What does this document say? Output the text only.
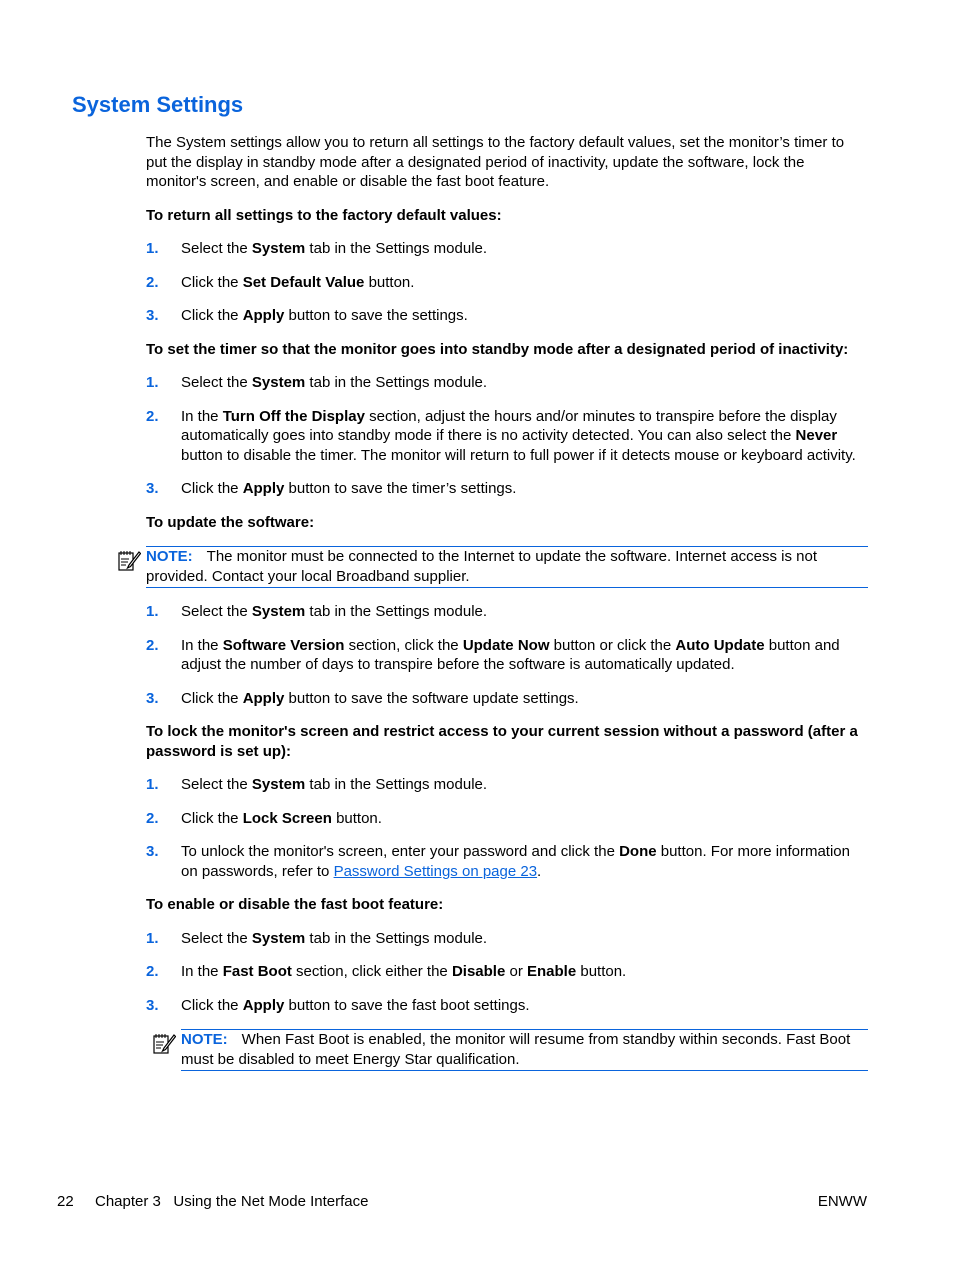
System Settings

The System settings allow you to return all settings to the factory default values, set the monitor’s timer to put the display in standby mode after a designated period of inactivity, update the software, lock the monitor's screen, and enable or disable the fast boot feature.

To return all settings to the factory default values:

1. Select the System tab in the Settings module.
2. Click the Set Default Value button.
3. Click the Apply button to save the settings.

To set the timer so that the monitor goes into standby mode after a designated period of inactivity:

1. Select the System tab in the Settings module.
2. In the Turn Off the Display section, adjust the hours and/or minutes to transpire before the display automatically goes into standby mode if there is no activity detected. You can also select the Never button to disable the timer. The monitor will return to full power if it detects mouse or keyboard activity.
3. Click the Apply button to save the timer’s settings.

To update the software:

NOTE: The monitor must be connected to the Internet to update the software. Internet access is not provided. Contact your local Broadband supplier.
1. Select the System tab in the Settings module.
2. In the Software Version section, click the Update Now button or click the Auto Update button and adjust the number of days to transpire before the software is automatically updated.
3. Click the Apply button to save the software update settings.

To lock the monitor's screen and restrict access to your current session without a password (after a password is set up):

1. Select the System tab in the Settings module.
2. Click the Lock Screen button.
3. To unlock the monitor's screen, enter your password and click the Done button. For more information on passwords, refer to Password Settings on page 23.

To enable or disable the fast boot feature:

1. Select the System tab in the Settings module.
2. In the Fast Boot section, click either the Disable or Enable button.
3. Click the Apply button to save the fast boot settings.
NOTE: When Fast Boot is enabled, the monitor will resume from standby within seconds. Fast Boot must be disabled to meet Energy Star qualification.
22 Chapter 3   Using the Net Mode Interface	ENWW
